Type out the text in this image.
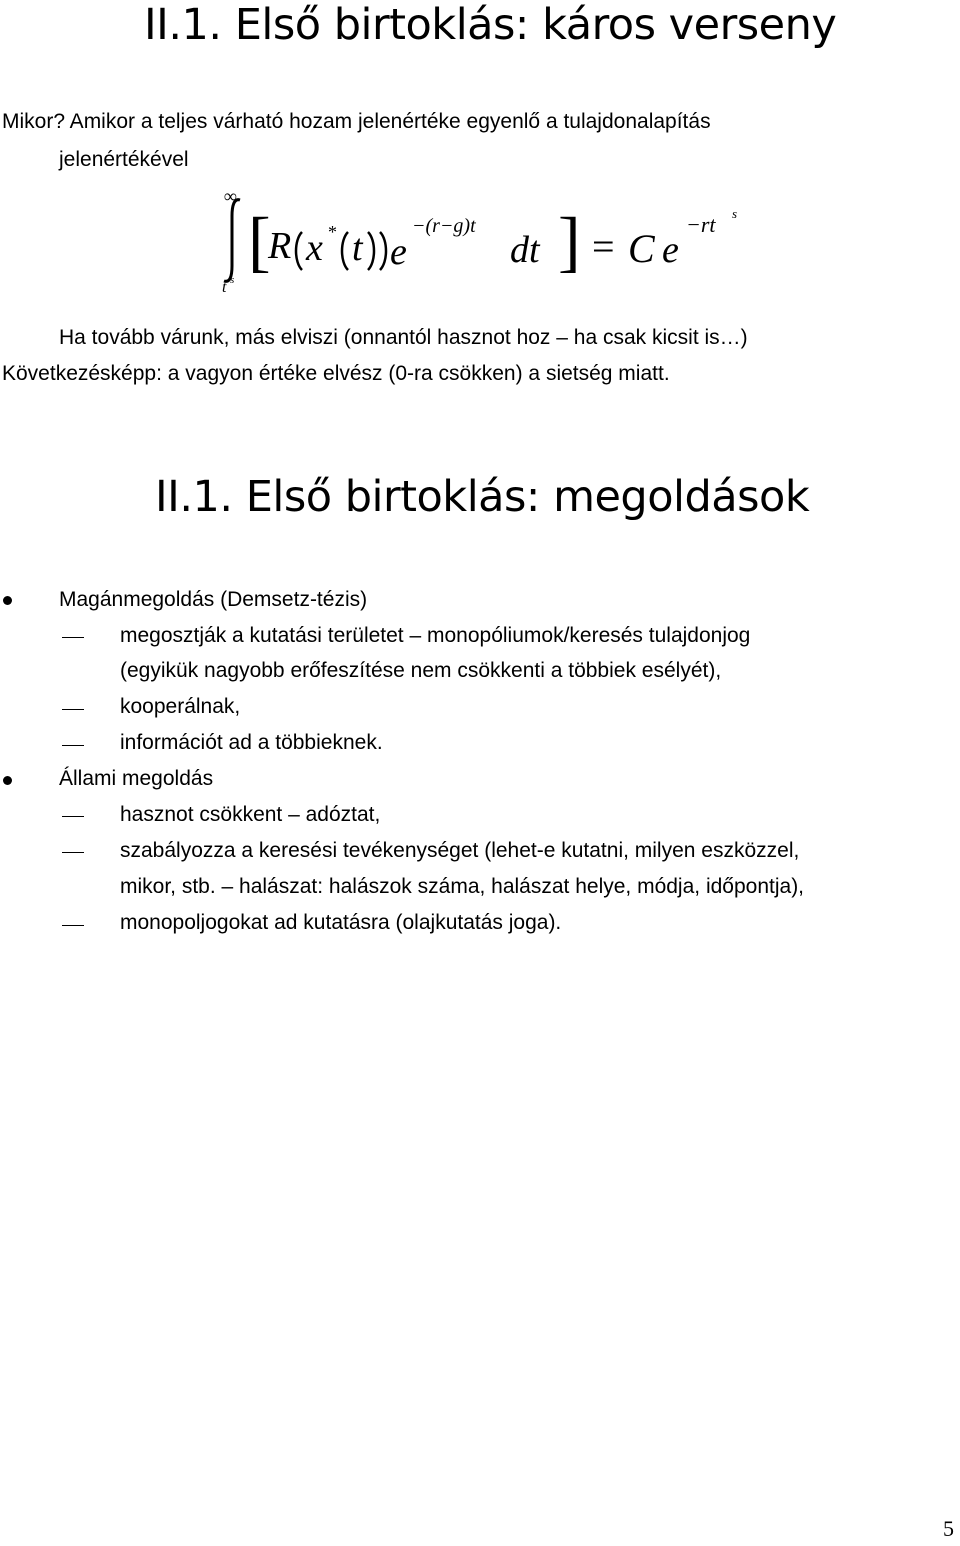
II.1. Első birtoklás: káros verseny

Mikor? Amikor a teljes várható hozam jelenértéke egyenlő a tulajdonalapítás

jelenértékével

∞
t s
[
R x * t e
−(r−g)t
dt ] = C e
−rt s

Ha tovább várunk, más elviszi (onnantól hasznot hoz – ha csak kicsit is…)

Következésképp: a vagyon értéke elvész (0-ra csökken) a sietség miatt.

II.1. Első birtoklás: megoldások

Magánmegoldás (Demsetz-tézis)

megosztják a kutatási területet – monopóliumok/keresés tulajdonjog

(egyikük nagyobb erőfeszítése nem csökkenti a többiek esélyét),

kooperálnak,

információt ad a többieknek.

Állami megoldás

hasznot csökkent – adóztat,

szabályozza a keresési tevékenységet (lehet-e kutatni, milyen eszközzel,

mikor, stb. – halászat: halászok száma, halászat helye, módja, időpontja),

monopoljogokat ad kutatásra (olajkutatás joga).

5
